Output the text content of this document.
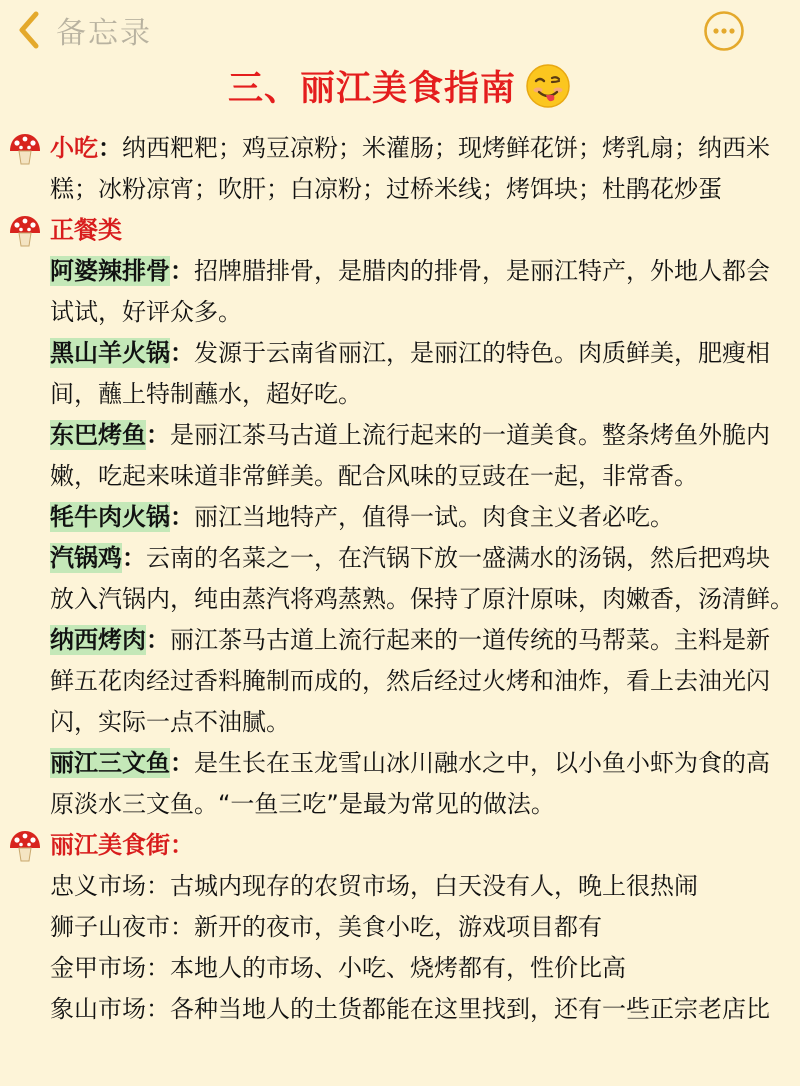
备忘录
三、丽江美食指南
小吃：纳西粑粑；鸡豆凉粉；米灌肠；现烤鲜花饼；烤乳扇；纳西米
糕；冰粉凉宵；吹肝；白凉粉；过桥米线；烤饵块；杜鹃花炒蛋
正餐类
阿婆辣排骨：招牌腊排骨，是腊肉的排骨，是丽江特产，外地人都会
试试，好评众多。
黑山羊火锅：发源于云南省丽江，是丽江的特色。肉质鲜美，肥瘦相
间，蘸上特制蘸水，超好吃。
东巴烤鱼：是丽江茶马古道上流行起来的一道美食。整条烤鱼外脆内
嫩，吃起来味道非常鲜美。配合风味的豆豉在一起，非常香。
牦牛肉火锅：丽江当地特产，值得一试。肉食主义者必吃。
汽锅鸡：云南的名菜之一，在汽锅下放一盛满水的汤锅，然后把鸡块
放入汽锅内，纯由蒸汽将鸡蒸熟。保持了原汁原味，肉嫩香，汤清鲜。
纳西烤肉：丽江茶马古道上流行起来的一道传统的马帮菜。主料是新
鲜五花肉经过香料腌制而成的，然后经过火烤和油炸，看上去油光闪
闪，实际一点不油腻。
丽江三文鱼：是生长在玉龙雪山冰川融水之中，以小鱼小虾为食的高
原淡水三文鱼。“一鱼三吃”是最为常见的做法。
丽江美食街：
忠义市场：古城内现存的农贸市场，白天没有人，晚上很热闹
狮子山夜市：新开的夜市，美食小吃，游戏项目都有
金甲市场：本地人的市场、小吃、烧烤都有，性价比高
象山市场：各种当地人的土货都能在这里找到，还有一些正宗老店比
